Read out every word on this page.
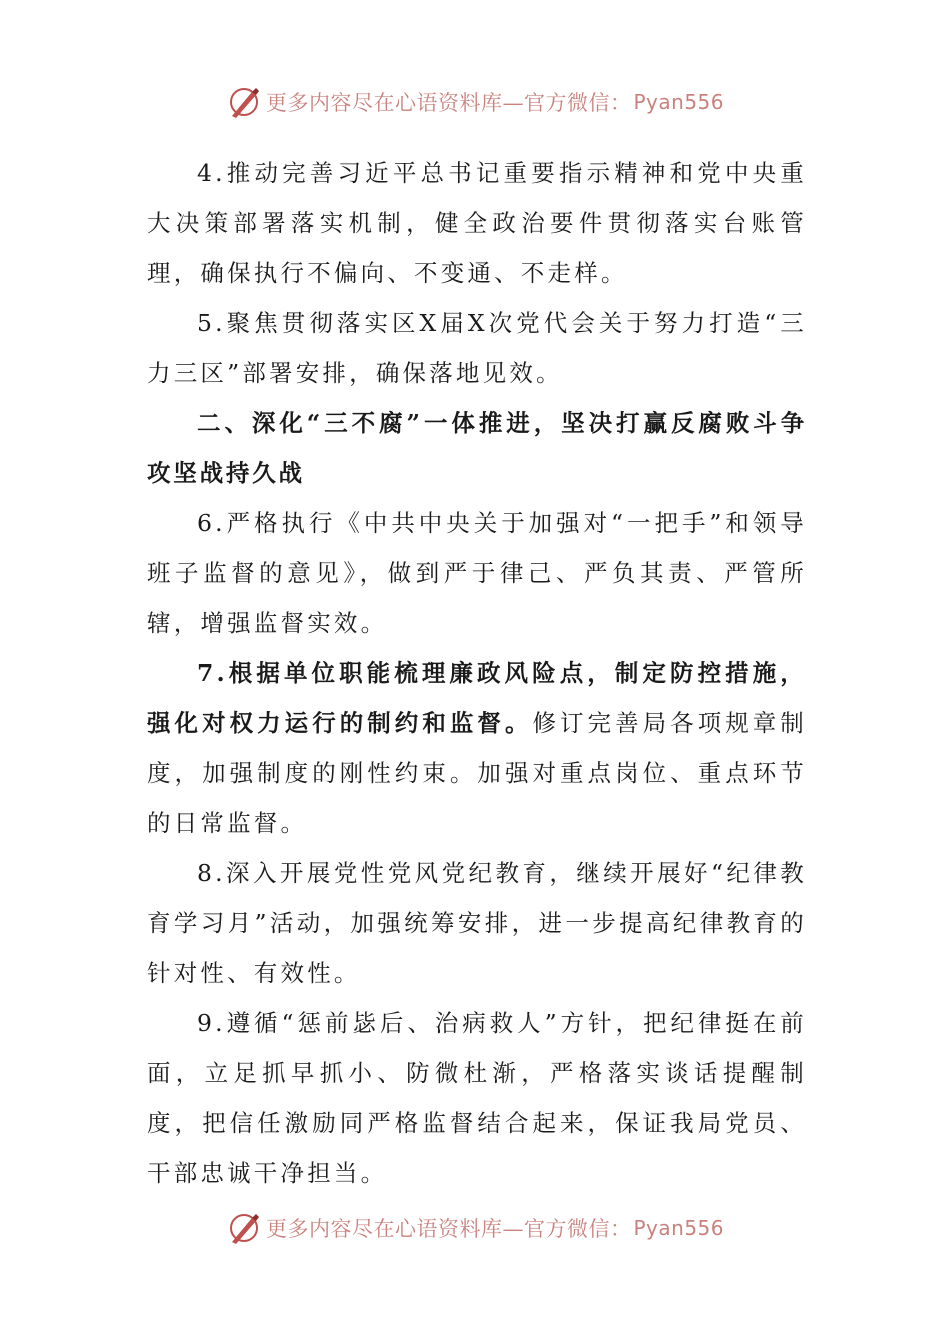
更多内容尽在心语资料库—官方微信： Pyan556

4.推动完善习近平总书记重要指示精神和党中央重大决策部署落实机制，健全政治要件贯彻落实台账管理，确保执行不偏向、不变通、不走样。

5.聚焦贯彻落实区X届X次党代会关于努力打造“三力三区”部署安排，确保落地见效。

二、深化“三不腐”一体推进，坚决打赢反腐败斗争攻坚战持久战

6.严格执行《中共中央关于加强对“一把手”和领导班子监督的意见》，做到严于律己、严负其责、严管所辖，增强监督实效。

7.根据单位职能梳理廉政风险点，制定防控措施，强化对权力运行的制约和监督。修订完善局各项规章制度，加强制度的刚性约束。加强对重点岗位、重点环节的日常监督。

8.深入开展党性党风党纪教育，继续开展好“纪律教育学习月”活动，加强统筹安排，进一步提高纪律教育的针对性、有效性。

9.遵循“惩前毖后、治病救人”方针，把纪律挺在前面，立足抓早抓小、防微杜渐，严格落实谈话提醒制度，把信任激励同严格监督结合起来，保证我局党员、干部忠诚干净担当。

更多内容尽在心语资料库—官方微信： Pyan556
